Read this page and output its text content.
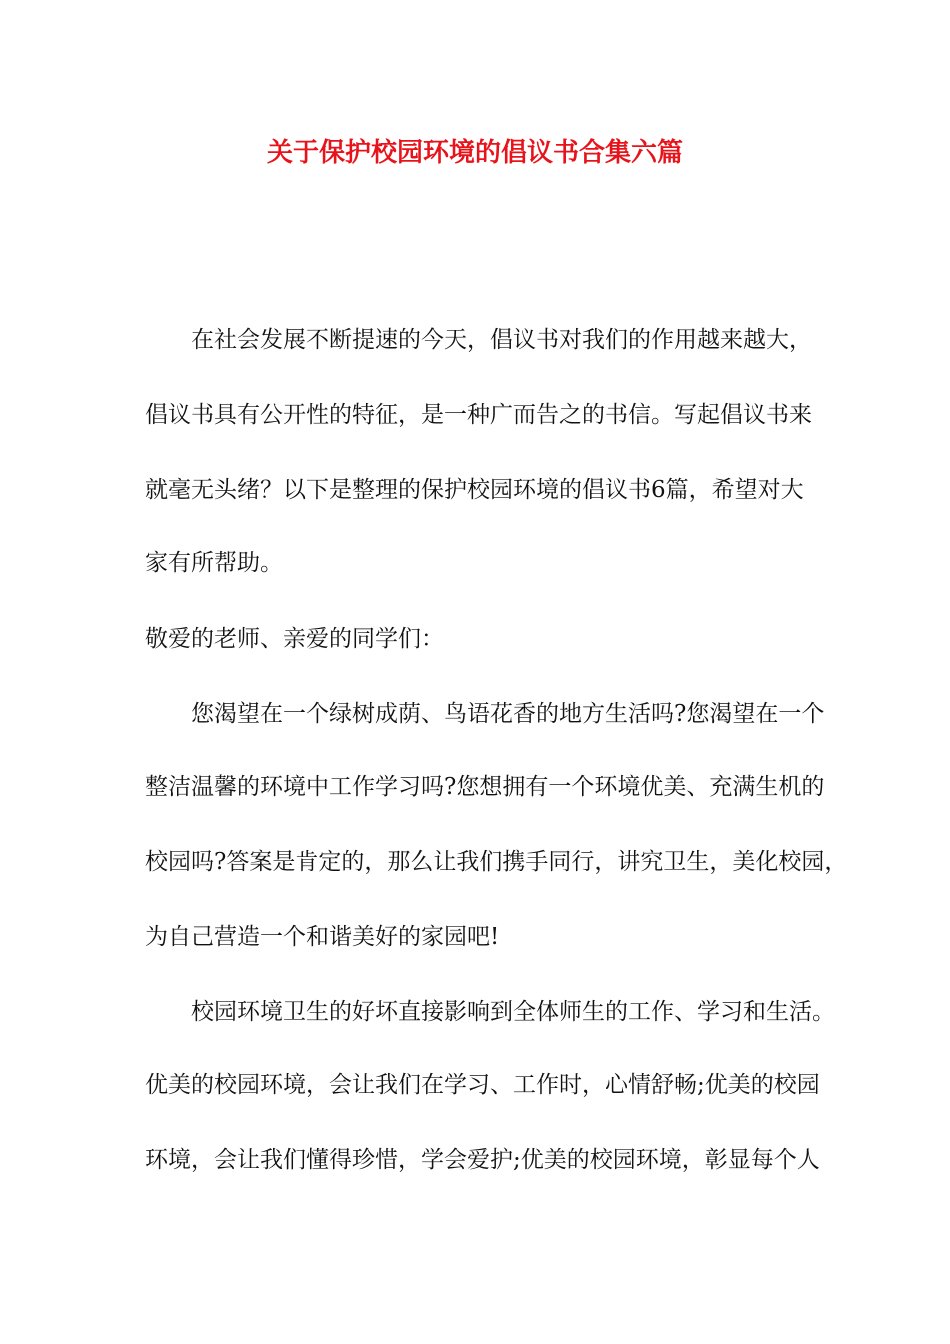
关于保护校园环境的倡议书合集六篇

在社会发展不断提速的今天，倡议书对我们的作用越来越大，

倡议书具有公开性的特征，是一种广而告之的书信。写起倡议书来

就毫无头绪？以下是整理的保护校园环境的倡议书6篇，希望对大

家有所帮助。

敬爱的老师、亲爱的同学们：

您渴望在一个绿树成荫、鸟语花香的地方生活吗?您渴望在一个

整洁温馨的环境中工作学习吗?您想拥有一个环境优美、充满生机的

校园吗?答案是肯定的，那么让我们携手同行，讲究卫生，美化校园，

为自己营造一个和谐美好的家园吧!

校园环境卫生的好坏直接影响到全体师生的工作、学习和生活。

优美的校园环境，会让我们在学习、工作时，心情舒畅;优美的校园

环境，会让我们懂得珍惜，学会爱护;优美的校园环境，彰显每个人
